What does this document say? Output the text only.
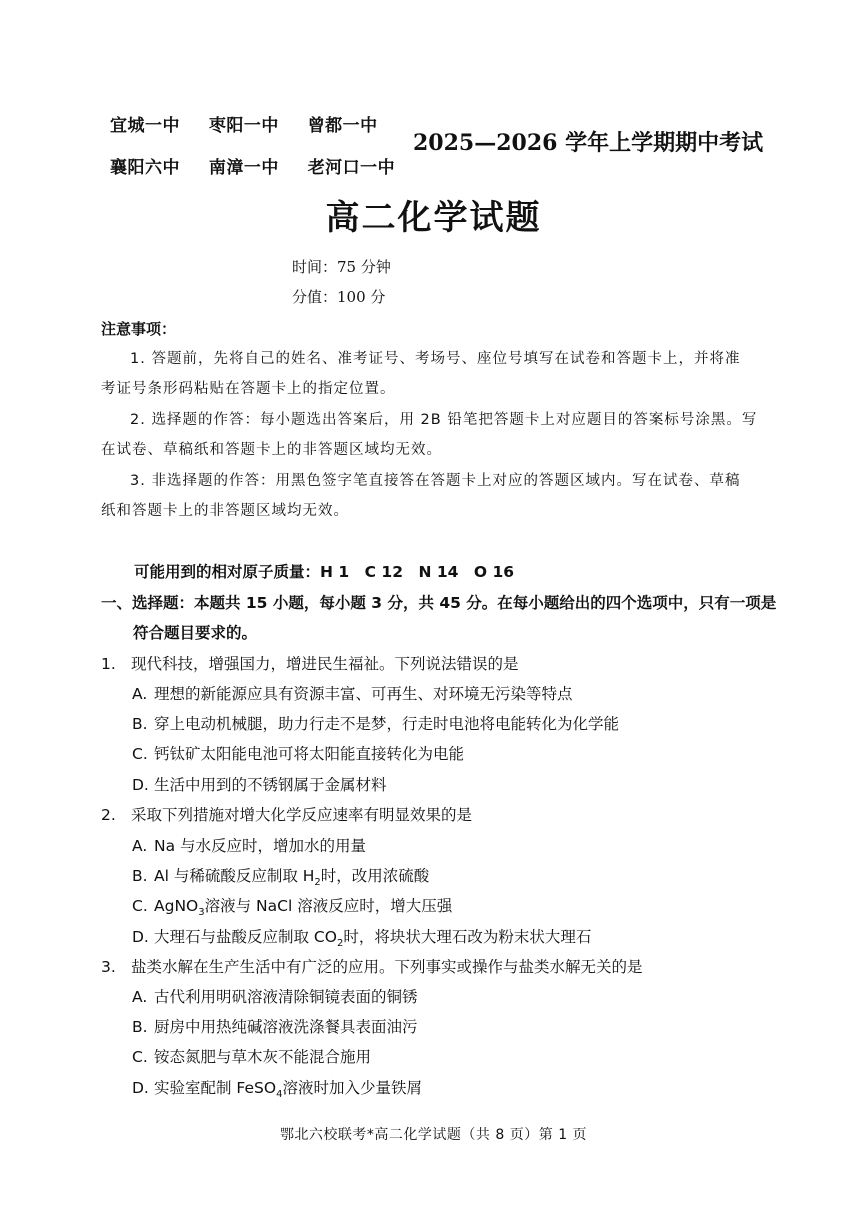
宜城一中 枣阳一中 曾都一中
襄阳六中 南漳一中 老河口一中
2025—2026 学年上学期期中考试
高二化学试题
时间：75 分钟
分值：100 分
注意事项：
1. 答题前，先将自己的姓名、准考证号、考场号、座位号填写在试卷和答题卡上，并将准
考证号条形码粘贴在答题卡上的指定位置。
2. 选择题的作答：每小题选出答案后，用 2B 铅笔把答题卡上对应题目的答案标号涂黑。写
在试卷、草稿纸和答题卡上的非答题区域均无效。
3. 非选择题的作答：用黑色签字笔直接答在答题卡上对应的答题区域内。写在试卷、草稿
纸和答题卡上的非答题区域均无效。
可能用到的相对原子质量：H 1　C 12　N 14　O 16
一、选择题：本题共 15 小题，每小题 3 分，共 45 分。在每小题给出的四个选项中，只有一项是
符合题目要求的。
1. 现代科技，增强国力，增进民生福祉。下列说法错误的是
A. 理想的新能源应具有资源丰富、可再生、对环境无污染等特点
B. 穿上电动机械腿，助力行走不是梦，行走时电池将电能转化为化学能
C. 钙钛矿太阳能电池可将太阳能直接转化为电能
D. 生活中用到的不锈钢属于金属材料
2. 采取下列措施对增大化学反应速率有明显效果的是
A. Na 与水反应时，增加水的用量
B. Al 与稀硫酸反应制取 $H_2$时，改用浓硫酸
C. AgNO$_3$溶液与 NaCl 溶液反应时，增大压强
D. 大理石与盐酸反应制取 $CO_2$时，将块状大理石改为粉末状大理石
3. 盐类水解在生产生活中有广泛的应用。下列事实或操作与盐类水解无关的是
A. 古代利用明矾溶液清除铜镜表面的铜锈
B. 厨房中用热纯碱溶液洗涤餐具表面油污
C. 铵态氮肥与草木灰不能混合施用
D. 实验室配制 FeSO$_4$溶液时加入少量铁屑
鄂北六校联考*高二化学试题（共 8 页）第 1 页
